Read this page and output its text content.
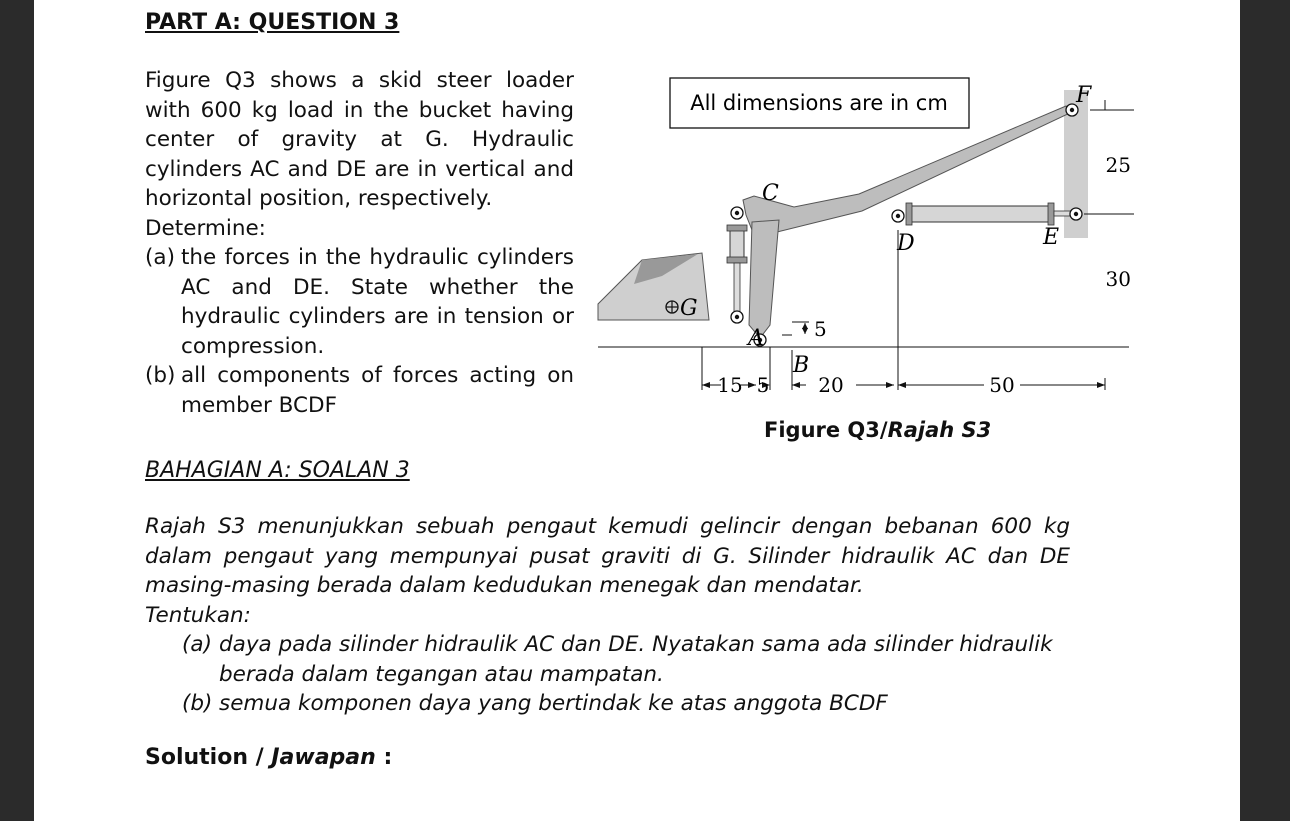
PART A: QUESTION 3
Figure Q3 shows a skid steer loader with 600 kg load in the bucket having center of gravity at G. Hydraulic cylinders AC and DE are in vertical and horizontal position, respectively.
Determine:
(a) the forces in the hydraulic cylinders AC and DE. State whether the hydraulic cylinders are in tension or compression.
(b) all components of forces acting on member BCDF
All dimensions are in cm
C
D	E
F
G
A
B
15 5 20	50
5
25
30
Figure Q3/Rajah S3
BAHAGIAN A: SOALAN 3
Rajah S3 menunjukkan sebuah pengaut kemudi gelincir dengan bebanan 600 kg dalam pengaut yang mempunyai pusat graviti di G. Silinder hidraulik AC dan DE masing-masing berada dalam kedudukan menegak dan mendatar.
Tentukan:
(a) daya pada silinder hidraulik AC dan DE. Nyatakan sama ada silinder hidraulik berada dalam tegangan atau mampatan.
(b) semua komponen daya yang bertindak ke atas anggota BCDF
Solution / Jawapan :
